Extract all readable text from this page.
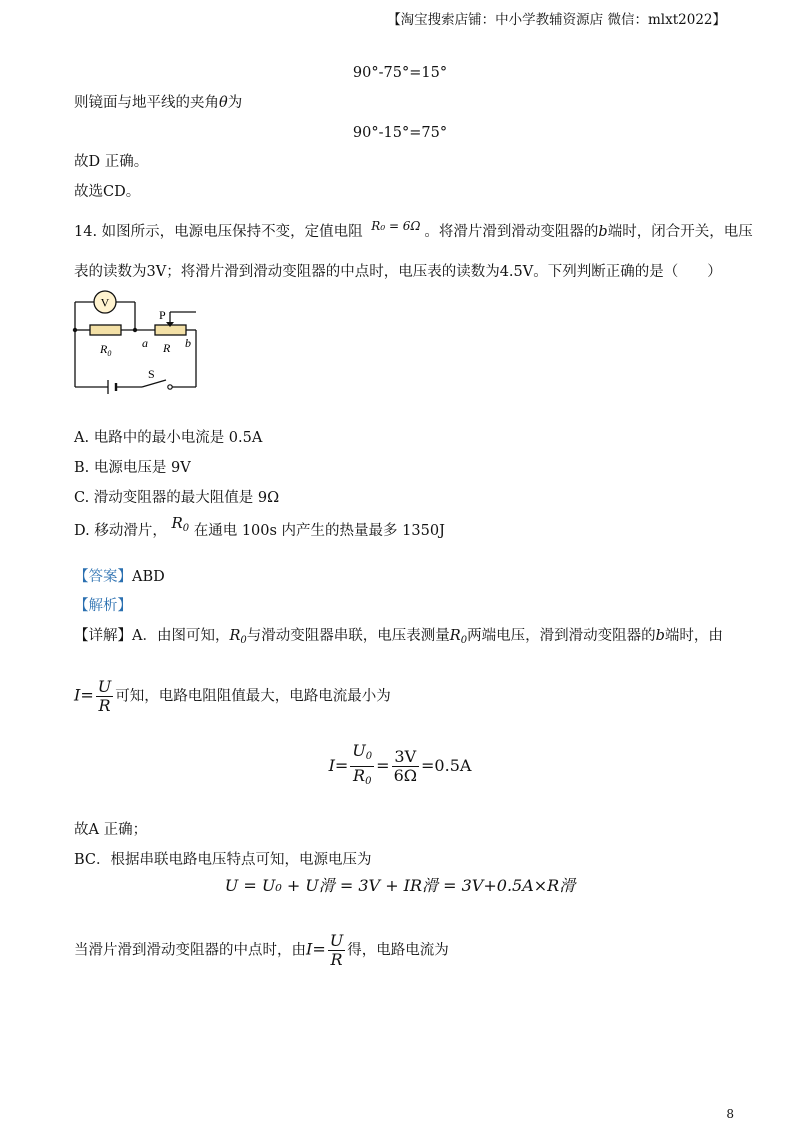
【淘宝搜索店铺：中小学教辅资源店 微信：mlxt2022】
90°-75°=15°
则镜面与地平线的夹角θ为
90°-15°=75°
故D 正确。
故选CD。
14. 如图所示，电源电压保持不变，定值电阻 $^{R_0 = 6\Omega}$ 。将滑片滑到滑动变阻器的b端时，闭合开关，电压
表的读数为3V；将滑片滑到滑动变阻器的中点时，电压表的读数为4.5V。下列判断正确的是（　　）
V
P
$R_0$
a R b
S
A. 电路中的最小电流是 0.5A
B. 电源电压是 9V
C. 滑动变阻器的最大阻值是 9Ω
D. 移动滑片， $R_0$ 在通电 100s 内产生的热量最多 1350J
【答案】ABD
【解析】
【详解】A．由图可知，$R_0$与滑动变阻器串联，电压表测量$R_0$两端电压，滑到滑动变阻器的b端时，由
$I= \frac{U}{R}$ 可知，电路电阻阻值最大，电路电流最小为
$I= \frac{U_0}{R_0} = \frac{3V}{6\Omega} =0.5A$
故A 正确；
BC．根据串联电路电压特点可知，电源电压为
U = U₀ + U滑 = 3V + IR滑 = 3V+0.5A×R滑
当滑片滑到滑动变阻器的中点时，由$I= \frac{U}{R}$ 得，电路电流为
8
